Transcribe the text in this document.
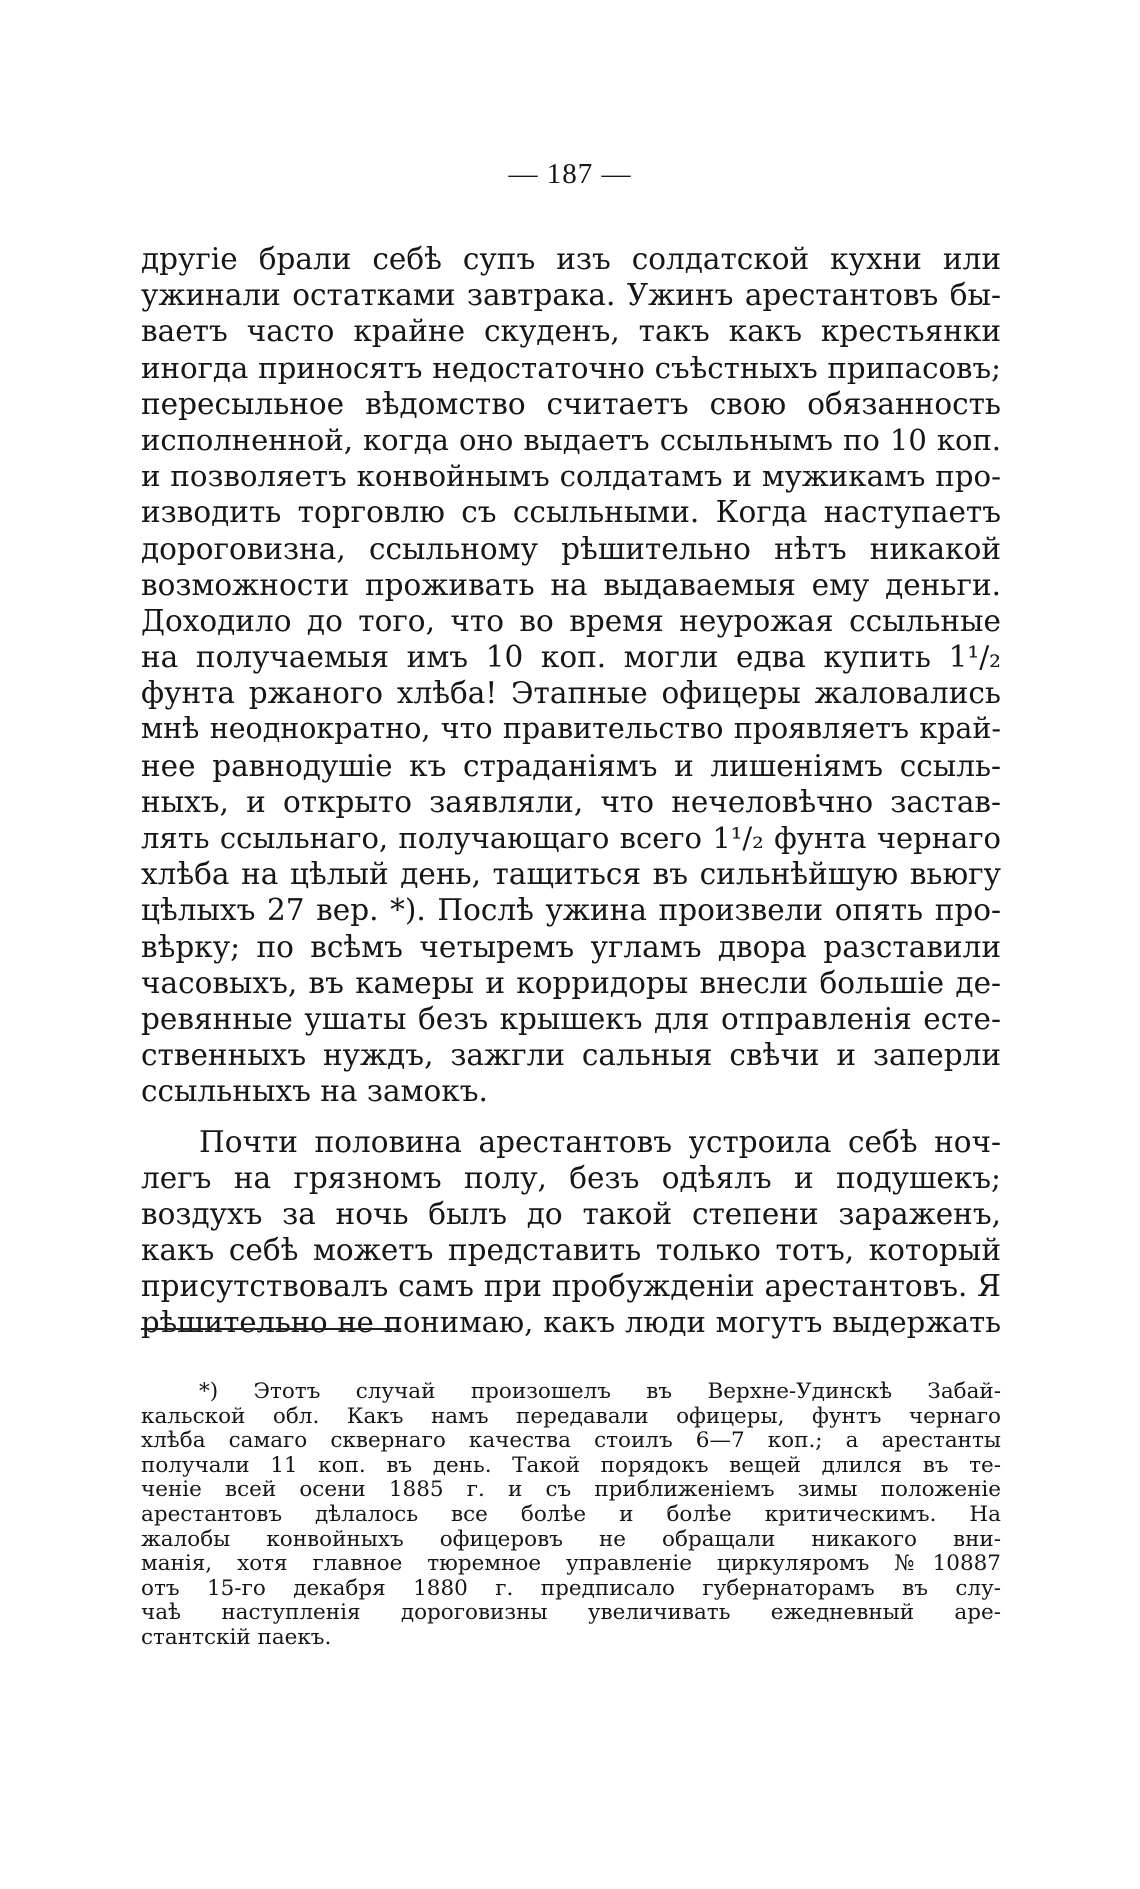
— 187 —
другіе брали себѣ супъ изъ солдатской кухни или
ужинали остатками завтрака. Ужинъ арестантовъ бы-
ваетъ часто крайне скуденъ, такъ какъ крестьянки
иногда приносятъ недостаточно съѣстныхъ припасовъ;
пересыльное вѣдомство считаетъ свою обязанность
исполненной, когда оно выдаетъ ссыльнымъ по 10 коп.
и позволяетъ конвойнымъ солдатамъ и мужикамъ про-
изводить торговлю съ ссыльными. Когда наступаетъ
дороговизна, ссыльному рѣшительно нѣтъ никакой
возможности проживать на выдаваемыя ему деньги.
Доходило до того, что во время неурожая ссыльные
на получаемыя имъ 10 коп. могли едва купить 1¹/₂
фунта ржаного хлѣба! Этапные офицеры жаловались
мнѣ неоднократно, что правительство проявляетъ край-
нее равнодушіе къ страданіямъ и лишеніямъ ссыль-
ныхъ, и открыто заявляли, что нечеловѣчно застав-
лять ссыльнаго, получающаго всего 1¹/₂ фунта чернаго
хлѣба на цѣлый день, тащиться въ сильнѣйшую вьюгу
цѣлыхъ 27 вер. *). Послѣ ужина произвели опять про-
вѣрку; по всѣмъ четыремъ угламъ двора разставили
часовыхъ, въ камеры и корридоры внесли большіе де-
ревянные ушаты безъ крышекъ для отправленія есте-
ственныхъ нуждъ, зажгли сальныя свѣчи и заперли
ссыльныхъ на замокъ.
Почти половина арестантовъ устроила себѣ ноч-
легъ на грязномъ полу, безъ одѣялъ и подушекъ;
воздухъ за ночь былъ до такой степени зараженъ,
какъ себѣ можетъ представить только тотъ, который
присутствовалъ самъ при пробужденіи арестантовъ. Я
рѣшительно не понимаю, какъ люди могутъ выдержать
*) Этотъ случай произошелъ въ Верхне-Удинскѣ Забай-
кальской обл. Какъ намъ передавали офицеры, фунтъ чернаго
хлѣба самаго сквернаго качества стоилъ 6—7 коп.; а арестанты
получали 11 коп. въ день. Такой порядокъ вещей длился въ те-
ченіе всей осени 1885 г. и съ приближеніемъ зимы положеніе
арестантовъ дѣлалось все болѣе и болѣе критическимъ. На
жалобы конвойныхъ офицеровъ не обращали никакого вни-
манія, хотя главное тюремное управленіе циркуляромъ №10887
отъ 15-го декабря 1880 г. предписало губернаторамъ въ слу-
чаѣ наступленія дороговизны увеличивать ежедневный аре-
стантскій паекъ.
